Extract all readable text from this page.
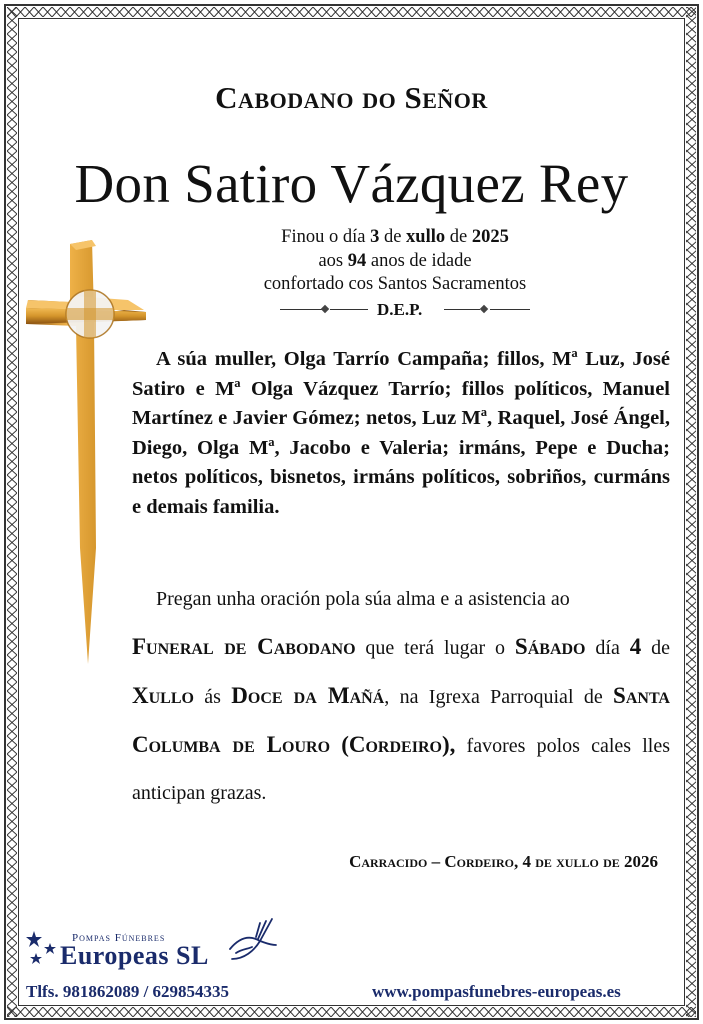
Cabodano do Señor
Don Satiro Vázquez Rey
Finou o día 3 de xullo de 2025
aos 94 anos de idade
confortado cos Santos Sacramentos
D.E.P.
A súa muller, Olga Tarrío Campaña; fillos, Mª Luz, José Satiro e Mª Olga Vázquez Tarrío; fillos políticos, Manuel Martínez e Javier Gómez; netos, Luz Mª, Raquel, José Ángel, Diego, Olga Mª, Jacobo e Valeria; irmáns, Pepe e Ducha; netos políticos, bisnetos, irmáns políticos, sobriños, curmáns e demais familia.
Pregan unha oración pola súa alma e a asistencia ao
Funeral de Cabodano que terá lugar o Sábado día 4 de Xullo ás Doce da Mañá, na Igrexa Parroquial de Santa Columba de Louro (Cordeiro), favores polos cales lles anticipan grazas.
Carracido – Cordeiro, 4 de xullo de 2026
Pompas Fúnebres
Europeas SL
Tlfs. 981862089 / 629854335	www.pompasfunebres-europeas.es
